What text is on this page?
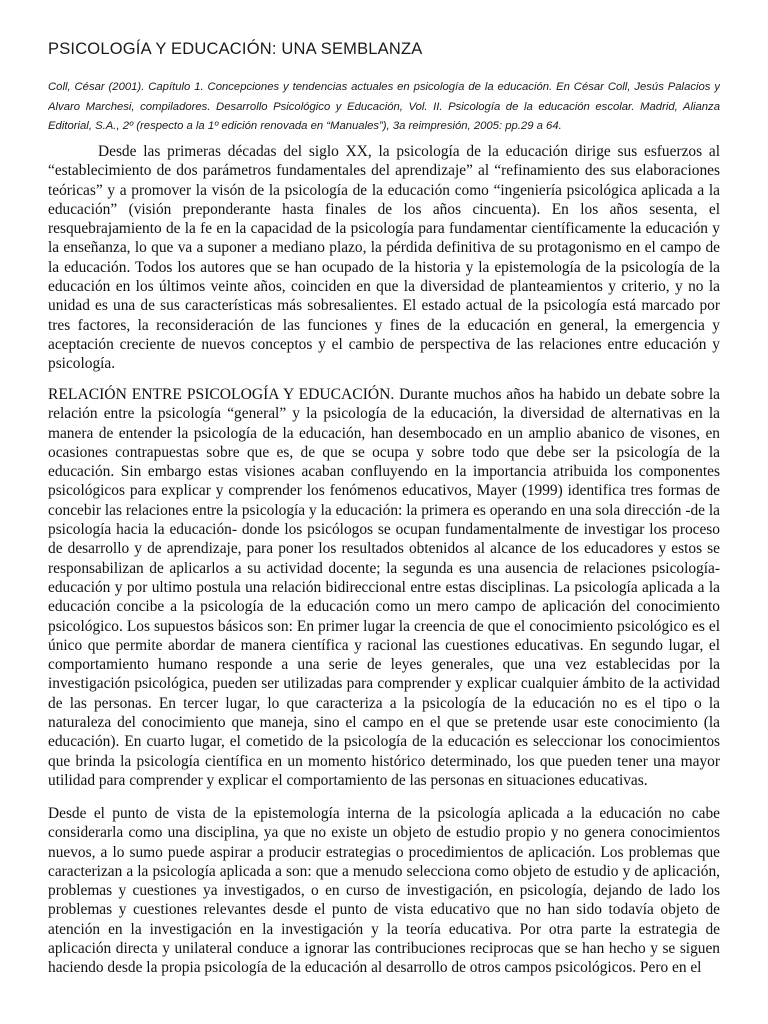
PSICOLOGÍA Y EDUCACIÓN: UNA SEMBLANZA

Coll, César (2001). Capítulo 1. Concepciones y tendencias actuales en psicología de la educación. En César Coll, Jesús Palacios y Alvaro Marchesi, compiladores. Desarrollo Psicológico y Educación, Vol. II. Psicología de la educación escolar. Madrid, Alianza Editorial, S.A., 2º (respecto a la 1º edición renovada en “Manuales”), 3a reimpresión, 2005: pp.29 a 64.

Desde las primeras décadas del siglo XX, la psicología de la educación dirige sus esfuerzos al “establecimiento de dos parámetros fundamentales del aprendizaje” al “refinamiento des sus elaboraciones teóricas” y a promover la visón de la psicología de la educación como “ingeniería psicológica aplicada a la educación” (visión preponderante hasta finales de los años cincuenta). En los años sesenta, el resquebrajamiento de la fe en la capacidad de la psicología para fundamentar científicamente la educación y la enseñanza, lo que va a suponer a mediano plazo, la pérdida definitiva de su protagonismo en el campo de la educación. Todos los autores que se han ocupado de la historia y la epistemología de la psicología de la educación en los últimos veinte años, coinciden en que la diversidad de planteamientos y criterio, y no la unidad es una de sus características más sobresalientes. El estado actual de la psicología está marcado por tres factores, la reconsideración de las funciones y fines de la educación en general, la emergencia y aceptación creciente de nuevos conceptos y el cambio de perspectiva de las relaciones entre educación y psicología.

RELACIÓN ENTRE PSICOLOGÍA Y EDUCACIÓN. Durante muchos años ha habido un debate sobre la relación entre la psicología “general” y la psicología de la educación, la diversidad de alternativas en la manera de entender la psicología de la educación, han desembocado en un amplio abanico de visones, en ocasiones contrapuestas sobre que es, de que se ocupa y sobre todo que debe ser la psicología de la educación. Sin embargo estas visiones acaban confluyendo en la importancia atribuida los componentes psicológicos para explicar y comprender los fenómenos educativos, Mayer (1999) identifica tres formas de concebir las relaciones entre la psicología y la educación: la primera es operando en una sola dirección -de la psicología hacia la educación- donde los psicólogos se ocupan fundamentalmente de investigar los proceso de desarrollo y de aprendizaje, para poner los resultados obtenidos al alcance de los educadores y estos se responsabilizan de aplicarlos a su actividad docente; la segunda es una ausencia de relaciones psicología-educación y por ultimo postula una relación bidireccional entre estas disciplinas. La psicología aplicada a la educación concibe a la psicología de la educación como un mero campo de aplicación del conocimiento psicológico. Los supuestos básicos son: En primer lugar la creencia de que el conocimiento psicológico es el único que permite abordar de manera científica y racional las cuestiones educativas. En segundo lugar, el comportamiento humano responde a una serie de leyes generales, que una vez establecidas por la investigación psicológica, pueden ser utilizadas para comprender y explicar cualquier ámbito de la actividad de las personas. En tercer lugar, lo que caracteriza a la psicología de la educación no es el tipo o la naturaleza del conocimiento que maneja, sino el campo en el que se pretende usar este conocimiento (la educación). En cuarto lugar, el cometido de la psicología de la educación es seleccionar los conocimientos que brinda la psicología científica en un momento histórico determinado, los que pueden tener una mayor utilidad para comprender y explicar el comportamiento de las personas en situaciones educativas.

Desde el punto de vista de la epistemología interna de la psicología aplicada a la educación no cabe considerarla como una disciplina, ya que no existe un objeto de estudio propio y no genera conocimientos nuevos, a lo sumo puede aspirar a producir estrategias o procedimientos de aplicación. Los problemas que caracterizan a la psicología aplicada a son: que a menudo selecciona como objeto de estudio y de aplicación, problemas y cuestiones ya investigados, o en curso de investigación, en psicología, dejando de lado los problemas y cuestiones relevantes desde el punto de vista educativo que no han sido todavía objeto de atención en la investigación en la investigación y la teoría educativa. Por otra parte la estrategia de aplicación directa y unilateral conduce a ignorar las contribuciones reciprocas que se han hecho y se siguen haciendo desde la propia psicología de la educación al desarrollo de otros campos psicológicos. Pero en el
